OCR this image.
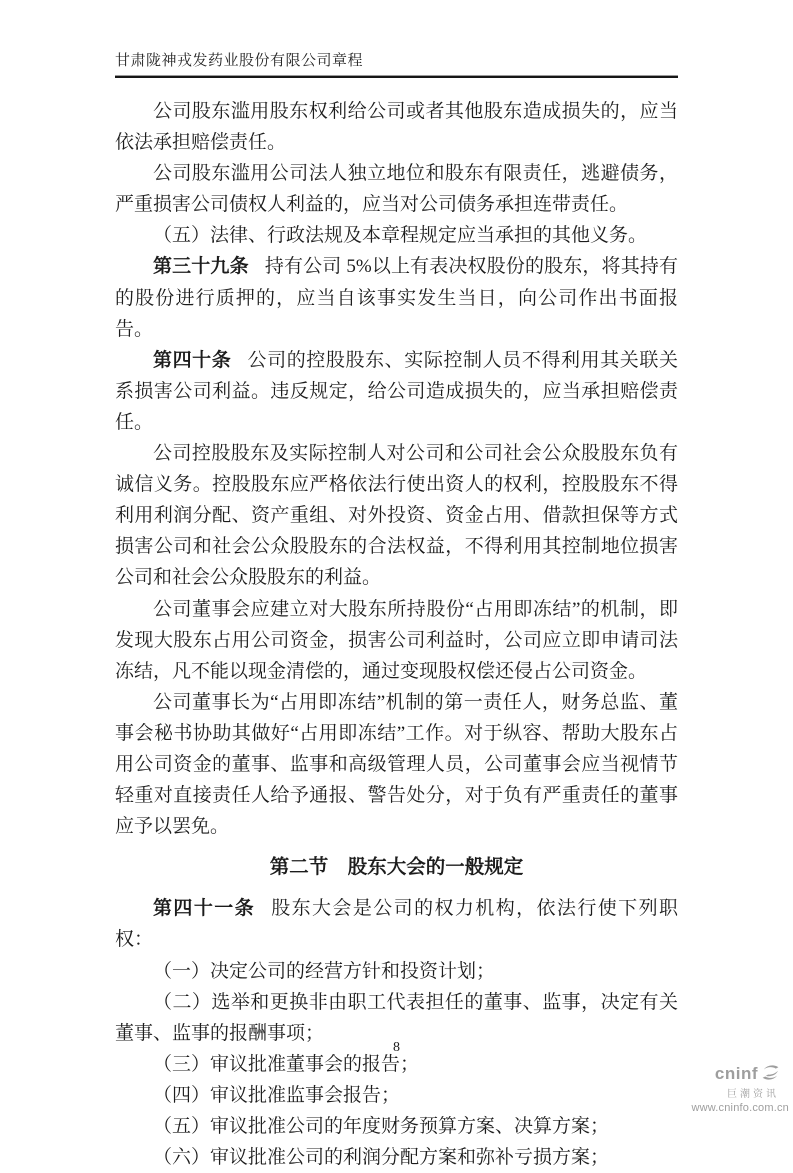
甘肃陇神戎发药业股份有限公司章程

公司股东滥用股东权利给公司或者其他股东造成损失的，应当依法承担赔偿责任。

公司股东滥用公司法人独立地位和股东有限责任，逃避债务，严重损害公司债权人利益的，应当对公司债务承担连带责任。

（五）法律、行政法规及本章程规定应当承担的其他义务。

第三十九条 持有公司 5%以上有表决权股份的股东，将其持有的股份进行质押的，应当自该事实发生当日，向公司作出书面报告。

第四十条 公司的控股股东、实际控制人员不得利用其关联关系损害公司利益。违反规定，给公司造成损失的，应当承担赔偿责任。

公司控股股东及实际控制人对公司和公司社会公众股股东负有诚信义务。控股股东应严格依法行使出资人的权利，控股股东不得利用利润分配、资产重组、对外投资、资金占用、借款担保等方式损害公司和社会公众股股东的合法权益，不得利用其控制地位损害公司和社会公众股股东的利益。

公司董事会应建立对大股东所持股份“占用即冻结”的机制，即发现大股东占用公司资金，损害公司利益时，公司应立即申请司法冻结，凡不能以现金清偿的，通过变现股权偿还侵占公司资金。

公司董事长为“占用即冻结”机制的第一责任人，财务总监、董事会秘书协助其做好“占用即冻结”工作。对于纵容、帮助大股东占用公司资金的董事、监事和高级管理人员，公司董事会应当视情节轻重对直接责任人给予通报、警告处分，对于负有严重责任的董事应予以罢免。

第二节　股东大会的一般规定

第四十一条 股东大会是公司的权力机构，依法行使下列职权：

（一）决定公司的经营方针和投资计划；

（二）选举和更换非由职工代表担任的董事、监事，决定有关董事、监事的报酬事项；

（三）审议批准董事会的报告；

（四）审议批准监事会报告；

（五）审议批准公司的年度财务预算方案、决算方案；

（六）审议批准公司的利润分配方案和弥补亏损方案；

8
cninf
巨潮资讯
www.cninfo.com.cn
